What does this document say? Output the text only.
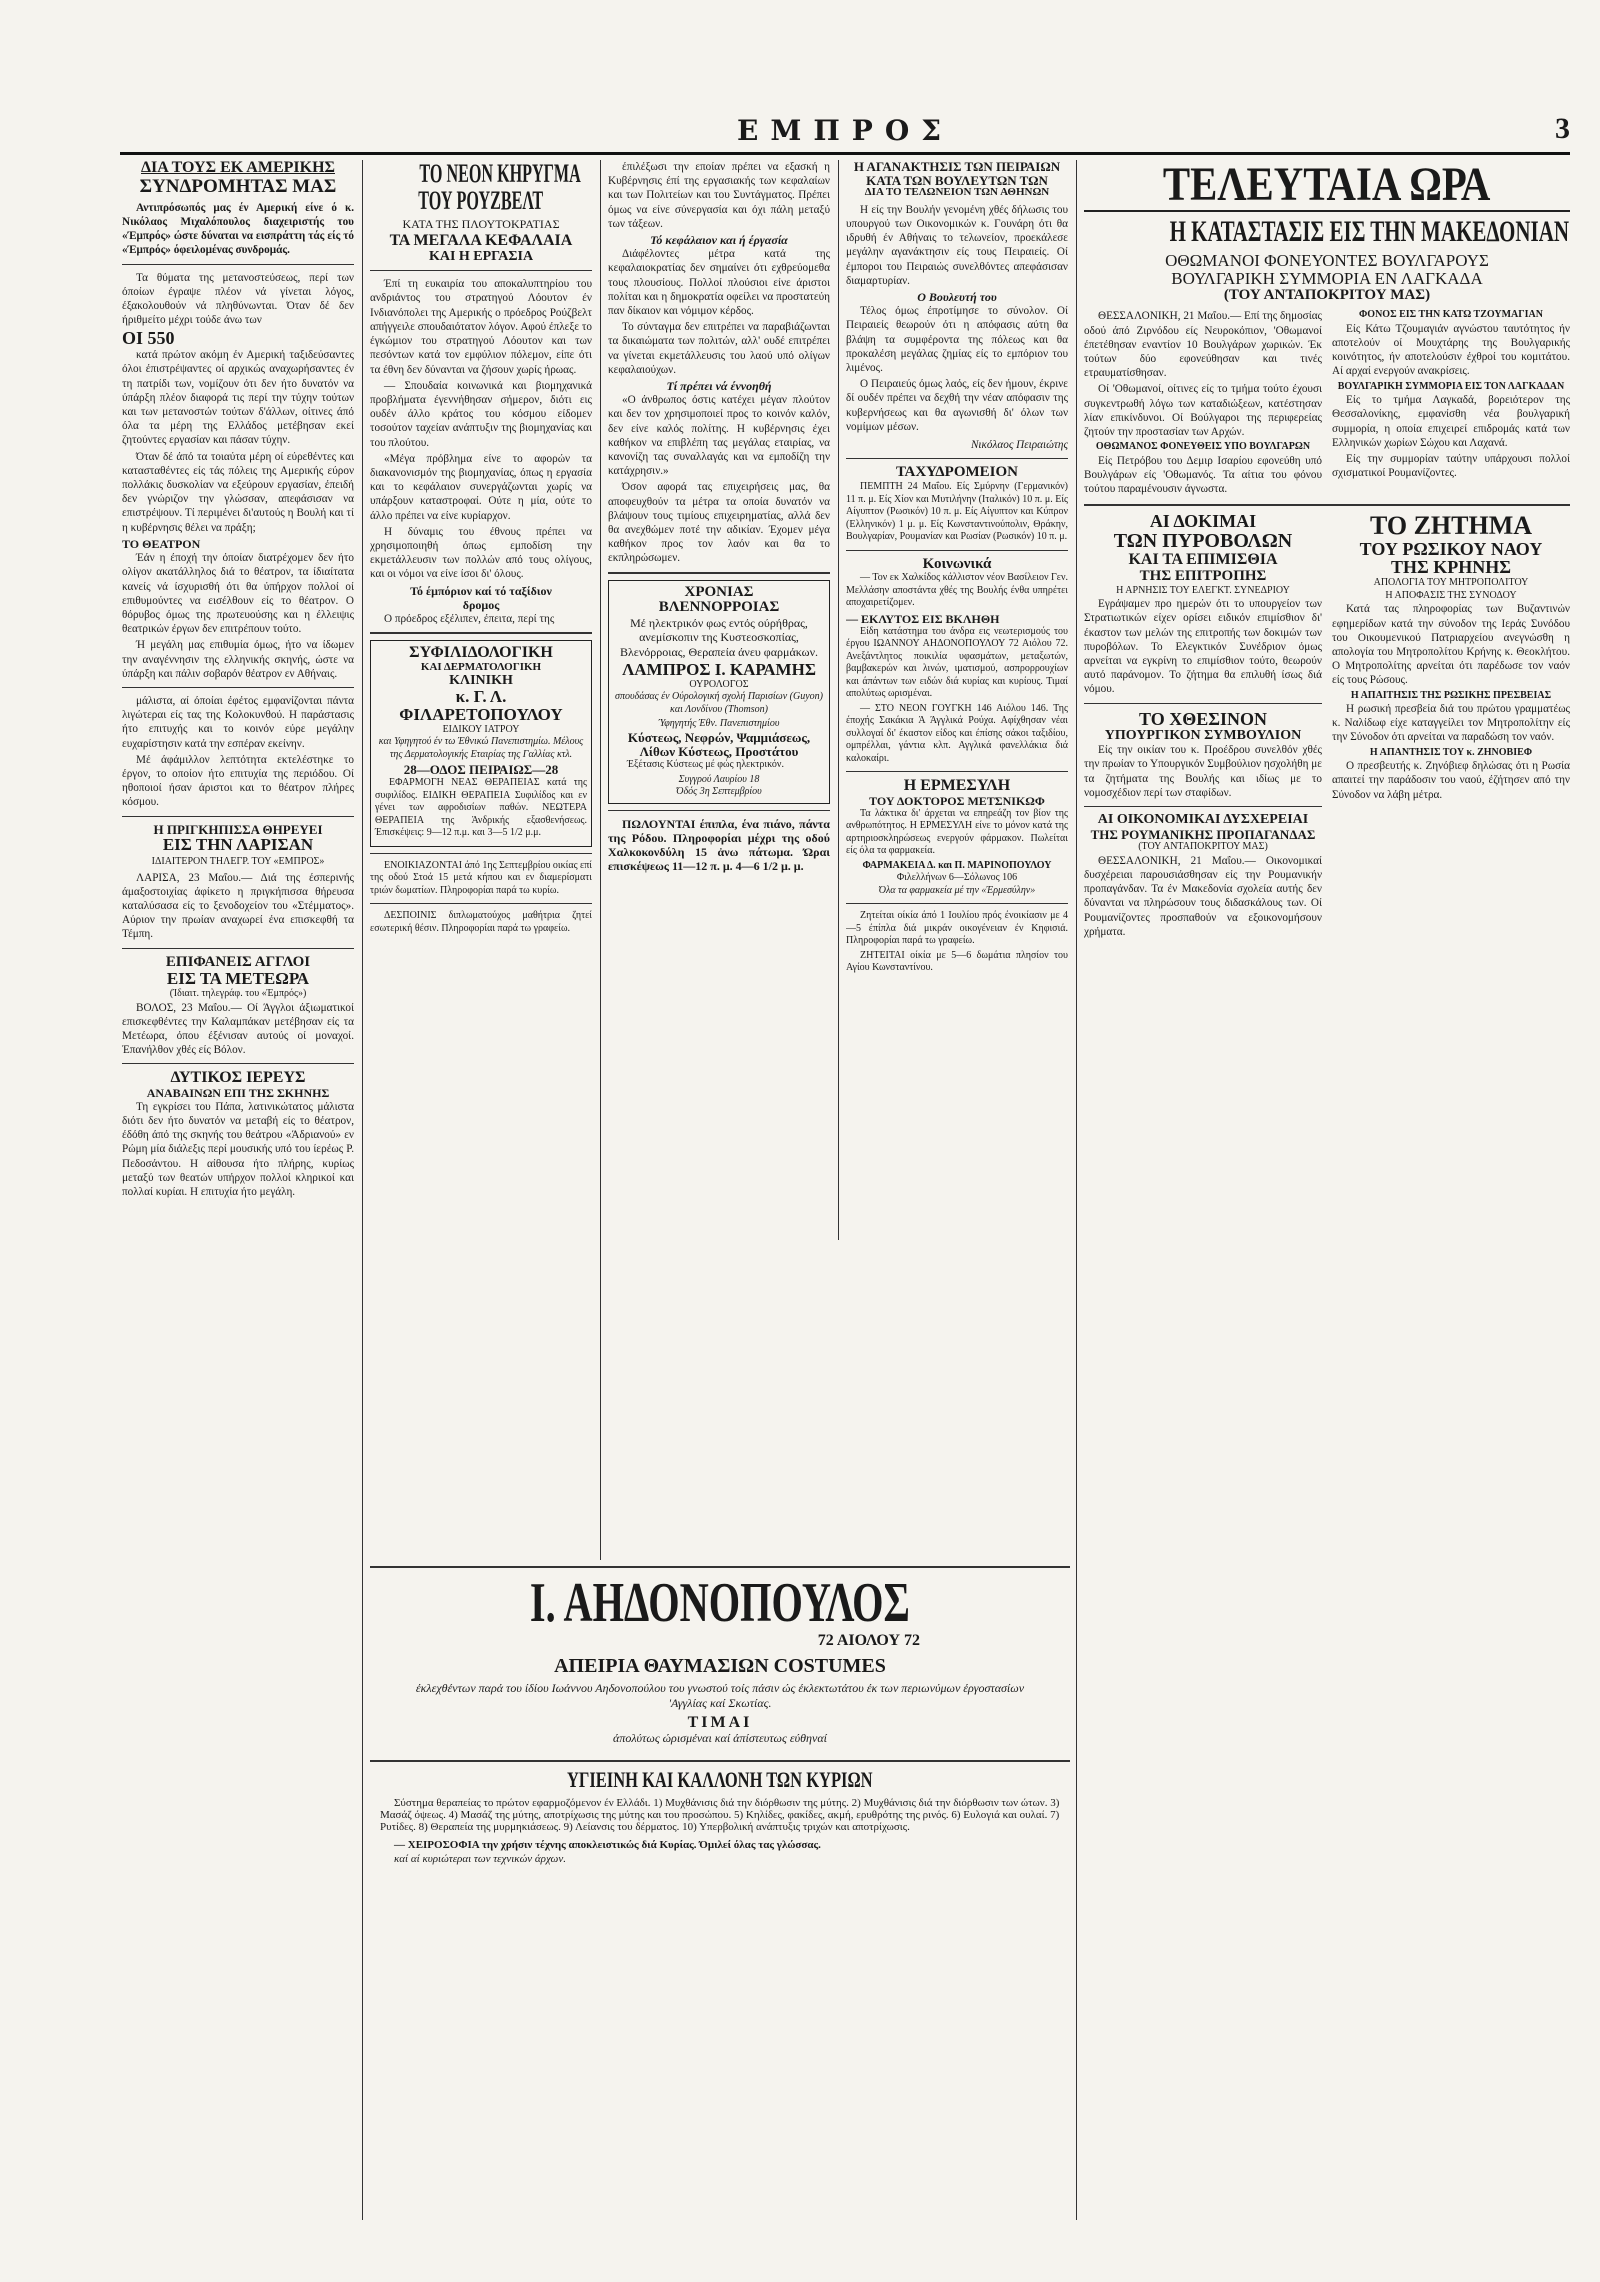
ΕΜΠΡΟΣ	3
ΔΙΑ ΤΟΥΣ ΕΚ ΑΜΕΡΙΚΗΣ
ΣΥΝΔΡΟΜΗΤΑΣ ΜΑΣ

Αντιπρόσωπός μας έν Αμερική είνε ό κ. Νικόλαος Μιχαλόπουλος διαχειριστής του «Έμπρός» ώστε δύναται να εισπράττη τάς είς τό «Έμπρός» όφειλομένας συνδρομάς.

Τα θύματα της μετανοστεύσεως, περί των όποίων έγραψε πλέον νά γίνεται λόγος, έξακολουθούν νά πληθύνωνται. Όταν δέ δεν ήριθμείτο μέχρι τούδε άνω των

ΟΙ 550

κατά πρώτον ακόμη έν Αμερική ταξιδεύσαντες όλοι έπιστρέψαντες οί αρχικώς αναχωρήσαντες έν τη πατρίδι των, νομίζουν ότι δεν ήτο δυνατόν να ύπάρξη πλέον διαφορά τις περί την τύχην τούτων και των μετανοστών τούτων δ'άλλων, οίτινες άπό όλα τα μέρη της Ελλάδος μετέβησαν εκεί ζητούντες εργασίαν και πάσαν τύχην.

Όταν δέ άπό τα τοιαύτα μέρη οί εύρεθέντες και κατασταθέντες είς τάς πόλεις της Αμερικής εύρον πολλάκις δυσκολίαν να εξεύρουν εργασίαν, έπειδή δεν γνώριζον την γλώσσαν, απεφάσισαν να επιστρέψουν. Τί περιμένει δι'αυτούς η Βουλή και τί η κυβέρνησις θέλει να πράξη;

ΤΟ ΘΕΑΤΡΟΝ

Έάν η έποχή την όποίαν διατρέχομεν δεν ήτο ολίγον ακατάλληλος διά το θέατρον, τα ίδιαίτατα κανείς νά ίσχυρισθή ότι θα ύπήρχον πολλοί οί επιθυμούντες να εισέλθουν είς το θέατρον. Ο θόρυβος όμως της πρωτευούσης και η έλλειψις θεατρικών έργων δεν επιτρέπουν τούτο.

Ή μεγάλη μας επιθυμία όμως, ήτο να ίδωμεν την αναγέννησιν της ελληνικής σκηνής, ώστε να ύπάρξη και πάλιν σοβαρόν θέατρον εν Αθήναις.

μάλιστα, αί όποίαι έφέτος εμφανίζονται πάντα λιγώτεραι είς τας της Κολοκυνθού. Η παράστασις ήτο επιτυχής και το κοινόν εύρε μεγάλην ευχαρίστησιν κατά την εσπέραν εκείνην.

Μέ άφάμιλλον λεπτότητα εκτελέστηκε το έργον, το οποίον ήτο επιτυχία της περιόδου. Οί ηθοποιοί ήσαν άριστοι και το θέατρον πλήρες κόσμου.

Η ΠΡΙΓΚΗΠΙΣΣΑ ΘΗΡΕΥΕΙ
ΕΙΣ ΤΗΝ ΛΑΡΙΣΑΝ
ΙΔΙΑΙΤΕΡΟΝ ΤΗΛΕΓΡ. ΤΟΥ «ΕΜΠΡΟΣ»

ΛΑΡΙΣΑ, 23 Μαΐου.— Διά της έσπερινής άμαξοστοιχίας άφίκετο η πριγκήπισσα θήρευσα καταλύσασα είς το ξενοδοχείον του «Στέμματος». Αύριον την πρωίαν αναχωρεί ένα επισκεφθή τα Τέμπη.

ΕΠΙΦΑΝΕΙΣ ΑΓΓΛΟΙ
ΕΙΣ ΤΑ ΜΕΤΕΩΡΑ
(Ίδιαιτ. τηλεγράφ. του «Έμπρός»)

ΒΟΛΟΣ, 23 Μαΐου.— Οί Άγγλοι άξιωματικοί επισκεφθέντες την Καλαμπάκαν μετέβησαν είς τα Μετέωρα, όπου έξένισαν αυτούς οί μοναχοί. Έπανήλθον χθές είς Βόλον.

ΔΥΤΙΚΟΣ ΙΕΡΕΥΣ
ΑΝΑΒΑΙΝΩΝ ΕΠΙ ΤΗΣ ΣΚΗΝΗΣ

Τη εγκρίσει του Πάπα, λατινικώτατος μάλιστα διότι δεν ήτο δυνατόν να μεταβή είς το θέατρον, έδόθη άπό της σκηνής του θεάτρου «Άδριανού» εν Ρώμη μία διάλεξις περί μουσικής υπό του ίερέως Ρ. Πεδοσάντου. Η αίθουσα ήτο πλήρης, κυρίως μεταξύ των θεατών υπήρχον πολλοί κληρικοί και πολλαί κυρίαι. Η επιτυχία ήτο μεγάλη.

ΤΟ ΝΕΟΝ ΚΗΡΥΓΜΑ
ΤΟΥ ΡΟΥΖΒΕΛΤ
ΚΑΤΑ ΤΗΣ ΠΛΟΥΤΟΚΡΑΤΙΑΣ
ΤΑ ΜΕΓΑΛΑ ΚΕΦΑΛΑΙΑ
ΚΑΙ Η ΕΡΓΑΣΙΑ

Έπί τη ευκαιρία του αποκαλυπτηρίου του ανδριάντος του στρατηγού Λόουτον έν Ινδιανόπολει της Αμερικής ο πρόεδρος Ρούζβελτ απήγγειλε σπουδαιότατον λόγον. Αφού έπλεξε το έγκώμιον του στρατηγού Λόουτον και των πεσόντων κατά τον εμφύλιον πόλεμον, είπε ότι τα έθνη δεν δύνανται να ζήσουν χωρίς ήρωας.

— Σπουδαία κοινωνικά και βιομηχανικά προβλήματα έγεννήθησαν σήμερον, διότι εις ουδέν άλλο κράτος του κόσμου είδομεν τοσούτον ταχείαν ανάπτυξιν της βιομηχανίας και του πλούτου.

«Μέγα πρόβλημα είνε το αφορών τα διακανονισμόν της βιομηχανίας, όπως η εργασία και το κεφάλαιον συνεργάζωνται χωρίς να υπάρξουν καταστροφαί. Ούτε η μία, ούτε το άλλο πρέπει να είνε κυρίαρχον.

Η δύναμις του έθνους πρέπει να χρησιμοποιηθή όπως εμποδίση την εκμετάλλευσιν των πολλών από τους ολίγους, και οι νόμοι να είνε ίσοι δι' όλους.

Τό έμπόριον καί τό ταξίδιον
δρομος

Ο πρόεδρος εξέλιπεν, έπειτα, περί της

ΣΥΦΙΛΙΔΟΛΟΓΙΚΗ
ΚΑΙ ΔΕΡΜΑΤΟΛΟΓΙΚΗ
ΚΛΙΝΙΚΗ
κ. Γ. Λ. ΦΙΛΑΡΕΤΟΠΟΥΛΟΥ
ΕΙΔΙΚΟΥ ΙΑΤΡΟΥ

και Υφηγητού έν τω Έθνικώ Πανεπιστημίω. Μέλους της Δερματολογικής Εταιρίας της Γαλλίας κτλ.

28—ΟΔΟΣ ΠΕΙΡΑΙΩΣ—28

ΕΦΑΡΜΟΓΗ ΝΕΑΣ ΘΕΡΑΠΕΙΑΣ κατά της συφιλίδος. ΕΙΔΙΚΗ ΘΕΡΑΠΕΙΑ Συφιλίδος και εν γένει των αφροδισίων παθών. ΝΕΩΤΕΡΑ ΘΕΡΑΠΕΙΑ της Άνδρικής εξασθενήσεως. Έπισκέψεις: 9—12 π.μ. και 3—5 1/2 μ.μ.

ΕΝΟΙΚΙΑΖΟΝΤΑΙ άπό 1ης Σεπτεμβρίου οικίας επί της οδού Στοά 15 μετά κήπου και εν διαμερίσματι τριών δωματίων. Πληροφορίαι παρά τω κυρίω.

ΔΕΣΠΟΙΝΙΣ διπλωματούχος μαθήτρια ζητεί εσωτερική θέσιν. Πληροφορίαι παρά τω γραφείω.

έπιλέξωσι την εποίαν πρέπει να εξασκή η Κυβέρνησις έπί της εργασιακής των κεφαλαίων και των Πολιτείων και του Συντάγματος. Πρέπει όμως να είνε σύνεργασία και όχι πάλη μεταξύ των τάξεων.

Τό κεφάλαιον και ή έργασία

Διάφέλοντες μέτρα κατά της κεφαλαιοκρατίας δεν σημαίνει ότι εχθρεύομεθα τους πλουσίους. Πολλοί πλούσιοι είνε άριστοι πολίται και η δημοκρατία οφείλει να προστατεύη παν δίκαιον και νόμιμον κέρδος.

Το σύνταγμα δεν επιτρέπει να παραβιάζωνται τα δικαιώματα των πολιτών, αλλ' ουδέ επιτρέπει να γίνεται εκμετάλλευσις του λαού υπό ολίγων κεφαλαιούχων.

Τί πρέπει νά έννοηθή

«Ο άνθρωπος όστις κατέχει μέγαν πλούτον και δεν τον χρησιμοποιεί προς το κοινόν καλόν, δεν είνε καλός πολίτης. Η κυβέρνησις έχει καθήκον να επιβλέπη τας μεγάλας εταιρίας, να κανονίζη τας συναλλαγάς και να εμποδίζη την κατάχρησιν.»

Όσον αφορά τας επιχειρήσεις μας, θα αποφευχθούν τα μέτρα τα οποία δυνατόν να βλάψουν τους τιμίους επιχειρηματίας, αλλά δεν θα ανεχθώμεν ποτέ την αδικίαν. Έχομεν μέγα καθήκον προς τον λαόν και θα το εκπληρώσωμεν.

ΧΡΟΝΙΑΣ
ΒΛΕΝΝΟΡΡΟΙΑΣ

Μέ ηλεκτρικόν φως εντός ούρήθρας, ανεμίσκοπιν της Κυστεοσκοπίας, Βλενόρροιας, Θεραπεία άνευ φαρμάκων.

ΛΑΜΠΡΟΣ Ι. ΚΑΡΑΜΗΣ
ΟΥΡΟΛΟΓΟΣ

σπουδάσας έν Ούρολογική σχολή Παρισίων (Guyon) και Λονδίνου (Thomson)

Ύφηγητής Έθν. Πανεπιστημίου
Κύστεως, Νεφρών, Ψαμμιάσεως, Λίθων Κύστεως, Προστάτου

Έξέτασις Κύστεως μέ φώς ηλεκτρικόν.

Συγγρού Λαυρίου 18
Όδός 3η Σεπτεμβρίου

ΠΩΛΟΥΝΤΑΙ έπιπλα, ένα πιάνο, πάντα της Ρόδου. Πληροφορίαι μέχρι της οδού Χαλκοκονδύλη 15 ἀνω πάτωμα. Ώραι επισκέψεως 11—12 π. μ. 4—6 1/2 μ. μ.

Η ΑΓΑΝΑΚΤΗΣΙΣ ΤΩΝ ΠΕΙΡΑΙΩΝ
ΚΑΤΑ ΤΩΝ ΒΟΥΛΕΥΤΩΝ ΤΩΝ
ΔΙΑ ΤΟ ΤΕΛΩΝΕΙΟΝ ΤΩΝ ΑΘΗΝΩΝ

Η είς την Βουλήν γενομένη χθές δήλωσις του υπουργού των Οικονομικών κ. Γουνάρη ότι θα ιδρυθή έν Αθήναις το τελωνείον, προεκάλεσε μεγάλην αγανάκτησιν είς τους Πειραιείς. Οί έμποροι του Πειραιώς συνελθόντες απεφάσισαν διαμαρτυρίαν.

Ο Βουλευτή του

Τέλος όμως έπροτίμησε το σύνολον. Οί Πειραιείς θεωρούν ότι η απόφασις αύτη θα βλάψη τα συμφέροντα της πόλεως και θα προκαλέση μεγάλας ζημίας είς το εμπόριον του λιμένος.

Ο Πειραιεύς όμως λαός, είς δεν ήμουν, έκρινε δί ουδέν πρέπει να δεχθή την νέαν απόφασιν της κυβερνήσεως και θα αγωνισθή δι' όλων των νομίμων μέσων.

Νικόλαος Πειραιώτης
ΤΑΧΥΔΡΟΜΕΙΟΝ

ΠΕΜΠΤΗ 24 Μαΐου. Είς Σμύρνην (Γερμανικόν) 11 π. μ. Είς Χίον και Μυτιλήνην (Ιταλικόν) 10 π. μ. Είς Αίγυπτον (Ρωσικόν) 10 π. μ. Είς Αίγυπτον και Κύπρον (Ελληνικόν) 1 μ. μ. Είς Κωνσταντινούπολιν, Θράκην, Βουλγαρίαν, Ρουμανίαν και Ρωσίαν (Ρωσικόν) 10 π. μ.

Κοινωνικά

— Τον εκ Χαλκίδος κάλλιστον νέον Βασίλειον Γεν. Μελλάσην αποστάντα χθές της Βουλής ένθα υπηρέτει αποχαιρετίζομεν.

— ΕΚΛΥΤΟΣ ΕΙΣ ΒΚΛΗΘΗ

Είδη κατάστημα του άνδρα εις νεωτερισμούς του έργου ΙΩΑΝΝΟΥ ΑΗΔΟΝΟΠΟΥΛΟΥ 72 Αιόλου 72. Ανεξάντλητος ποικιλία υφασμάτων, μεταξωτών, βαμβακερών και λινών, ιματισμού, ασπρορρουχίων και άπάντων των ειδών διά κυρίας και κυρίους. Τιμαί απολύτως ωρισμέναι.

— ΣΤΟ ΝΕΟΝ ΓΟΥΓΚΗ 146 Αιόλου 146. Της έποχής Σακάκια Ά Άγγλικά Ρούχα. Αφίχθησαν νέαι συλλογαί δι' έκαστον είδος και έπίσης σάκοι ταξιδίου, ομπρέλλαι, γάντια κλπ. Αγγλικά φανελλάκια διά καλοκαίρι.

Η ΕΡΜΕΣΥΛΗ
ΤΟΥ ΔΟΚΤΟΡΟΣ ΜΕΤΣΝΙΚΩΦ

Τα λάκτικα δι' άρχεται να επηρεάζη τον βίον της ανθρωπότητος. Η ΕΡΜΕΣΥΛΗ είνε το μόνον κατά της αρτηριοσκληρώσεως ενεργούν φάρμακον. Πωλείται είς όλα τα φαρμακεία.

ΦΑΡΜΑΚΕΙΑ Δ. και Π. ΜΑΡΙΝΟΠΟΥΛΟΥ
Φιλελλήνων 6—Σόλωνος 106
Όλα τα φαρμακεία μέ την «Έρμεσύλην»

Ζητείται οίκία άπό 1 Ιουλίου πρός ένοικίασιν με 4—5 έπίπλα διά μικράν οικογένειαν έν Κηφισιά. Πληροφορίαι παρά τω γραφείω.

ΖΗΤΕΙΤΑΙ οίκία με 5—6 δωμάτια πλησίον του Αγίου Κωνσταντίνου.

ΤΕΛΕΥΤΑΙΑ ΩΡΑ
Η ΚΑΤΑΣΤΑΣΙΣ ΕΙΣ ΤΗΝ ΜΑΚΕΔΟΝΙΑΝ
ΟΘΩΜΑΝΟΙ ΦΟΝΕΥΟΝΤΕΣ ΒΟΥΛΓΑΡΟΥΣ
ΒΟΥΛΓΑΡΙΚΗ ΣΥΜΜΟΡΙΑ ΕΝ ΛΑΓΚΑΔΑ
(ΤΟΥ ΑΝΤΑΠΟΚΡΙΤΟΥ ΜΑΣ)

ΘΕΣΣΑΛΟΝΙΚΗ, 21 Μαΐου.— Επί της δημοσίας οδού άπό Ζιρνόδου είς Νευροκόπιον, 'Οθωμανοί έπετέθησαν εναντίον 10 Βουλγάρων χωρικών. Έκ τούτων δύο εφονεύθησαν και τινές ετραυματίσθησαν.

Οί 'Οθωμανοί, οίτινες είς το τμήμα τούτο έχουσι συγκεντρωθή λόγω των καταδιώξεων, κατέστησαν λίαν επικίνδυνοι. Οί Βούλγαροι της περιφερείας ζητούν την προστασίαν των Αρχών.

ΟΘΩΜΑΝΟΣ ΦΟΝΕΥΘΕΙΣ ΥΠΟ ΒΟΥΛΓΑΡΩΝ

Είς Πετρόβου του Δεμιρ Ισαρίου εφονεύθη υπό Βουλγάρων είς 'Οθωμανός. Τα αίτια του φόνου τούτου παραμένουσιν άγνωστα.

ΦΟΝΟΣ ΕΙΣ ΤΗΝ ΚΑΤΩ ΤΖΟΥΜΑΓΙΑΝ

Είς Κάτω Τζουμαγιάν αγνώστου ταυτότητος ήν αποτελούν οί Μουχτάρης της Βουλγαρικής κοινότητος, ήν αποτελούσιν έχθροί του κομιτάτου. Αί αρχαί ενεργούν ανακρίσεις.

ΒΟΥΛΓΑΡΙΚΗ ΣΥΜΜΟΡΙΑ ΕΙΣ ΤΟΝ ΛΑΓΚΑΔΑΝ

Είς το τμήμα Λαγκαδά, βορειότερον της Θεσσαλονίκης, εμφανίσθη νέα βουλγαρική συμμορία, η οποία επιχειρεί επιδρομάς κατά των Ελληνικών χωρίων Σώχου και Λαχανά.

Είς την συμμορίαν ταύτην υπάρχουσι πολλοί σχισματικοί Ρουμανίζοντες.

ΑΙ ΔΟΚΙΜΑΙ
ΤΩΝ ΠΥΡΟΒΟΛΩΝ
ΚΑΙ ΤΑ ΕΠΙΜΙΣΘΙΑ
ΤΗΣ ΕΠΙΤΡΟΠΗΣ
Η ΑΡΝΗΣΙΣ ΤΟΥ ΕΛΕΓΚΤ. ΣΥΝΕΔΡΙΟΥ

Εγράψαμεν προ ημερών ότι το υπουργείον των Στρατιωτικών είχεν ορίσει ειδικόν επιμίσθιον δι' έκαστον των μελών της επιτροπής των δοκιμών των πυροβόλων. Το Ελεγκτικόν Συνέδριον όμως αρνείται να εγκρίνη το επιμίσθιον τούτο, θεωρούν αυτό παράνομον. Το ζήτημα θα επιλυθή ίσως διά νόμου.

ΤΟ ΧΘΕΣΙΝΟΝ
ΥΠΟΥΡΓΙΚΟΝ ΣΥΜΒΟΥΛΙΟΝ

Είς την οικίαν του κ. Προέδρου συνελθόν χθές την πρωίαν το Υπουργικόν Συμβούλιον ησχολήθη με τα ζητήματα της Βουλής και ιδίως με το νομοσχέδιον περί των σταφίδων.

ΑΙ ΟΙΚΟΝΟΜΙΚΑΙ ΔΥΣΧΕΡΕΙΑΙ
ΤΗΣ ΡΟΥΜΑΝΙΚΗΣ ΠΡΟΠΑΓΑΝΔΑΣ
(ΤΟΥ ΑΝΤΑΠΟΚΡΙΤΟΥ ΜΑΣ)

ΘΕΣΣΑΛΟΝΙΚΗ, 21 Μαΐου.— Οικονομικαί δυσχέρειαι παρουσιάσθησαν είς την Ρουμανικήν προπαγάνδαν. Τα έν Μακεδονία σχολεία αυτής δεν δύνανται να πληρώσουν τους διδασκάλους των. Οί Ρουμανίζοντες προσπαθούν να εξοικονομήσουν χρήματα.

ΤΟ ΖΗΤΗΜΑ
ΤΟΥ ΡΩΣΙΚΟΥ ΝΑΟΥ
ΤΗΣ ΚΡΗΝΗΣ
ΑΠΟΛΟΓΙΑ ΤΟΥ ΜΗΤΡΟΠΟΛΙΤΟΥ
Η ΑΠΟΦΑΣΙΣ ΤΗΣ ΣΥΝΟΔΟΥ

Κατά τας πληροφορίας των Βυζαντινών εφημερίδων κατά την σύνοδον της Ιεράς Συνόδου του Οικουμενικού Πατριαρχείου ανεγνώσθη η απολογία του Μητροπολίτου Κρήνης κ. Θεοκλήτου. Ο Μητροπολίτης αρνείται ότι παρέδωσε τον ναόν είς τους Ρώσους.

Η ΑΠΑΙΤΗΣΙΣ ΤΗΣ ΡΩΣΙΚΗΣ ΠΡΕΣΒΕΙΑΣ

Η ρωσική πρεσβεία διά του πρώτου γραμματέως κ. Ναλίδωφ είχε καταγγείλει τον Μητροπολίτην είς την Σύνοδον ότι αρνείται να παραδώση τον ναόν.

Η ΑΠΑΝΤΗΣΙΣ ΤΟΥ κ. ΖΗΝΟΒΙΕΦ

Ο πρεσβευτής κ. Ζηνόβιεφ δηλώσας ότι η Ρωσία απαιτεί την παράδοσιν του ναού, έζήτησεν από την Σύνοδον να λάβη μέτρα.

Ι. ΑΗΔΟΝΟΠΟΥΛΟΣ
72 ΑΙΟΛΟΥ 72
ΑΠΕΙΡΙΑ ΘΑΥΜΑΣΙΩΝ COSTUMES

έκλεχθέντων παρά του ίδίου Ιωάννου Αηδονοπούλου του γνωστού τοίς πάσιν ώς έκλεκτωτάτου έκ των περιωνύμων έργοστασίων 'Αγγλίας καί Σκωτίας.

ΤΙΜΑΙ
άπολύτως ώρισμέναι καί άπίστευτως εύθηναί
ΥΓΙΕΙΝΗ ΚΑΙ ΚΑΛΛΟΝΗ ΤΩΝ ΚΥΡΙΩΝ

Σύστημα θεραπείας το πρώτον εφαρμοζόμενον έν Ελλάδι. 1) Μυχθάνισις διά την διόρθωσιν της μύτης. 2) Μυχθάνισις διά την διόρθωσιν των ώτων. 3) Μασάζ όψεως. 4) Μασάζ της μύτης, αποτρίχωσις της μύτης και του προσώπου. 5) Κηλίδες, φακίδες, ακμή, ερυθρότης της ρινός. 6) Ευλογιά και ουλαί. 7) Ρυτίδες. 8) Θεραπεία της μυρμηκιάσεως. 9) Λείανσις του δέρματος. 10) Υπερβολική ανάπτυξις τριχών και αποτρίχωσις.

— ΧΕΙΡΟΣΟΦΙΑ την χρήσιν τέχνης αποκλειστικώς διά Κυρίας. Όμιλεί όλας τας γλώσσας.

καί αί κυριώτεραι των τεχνικών άρχων.
